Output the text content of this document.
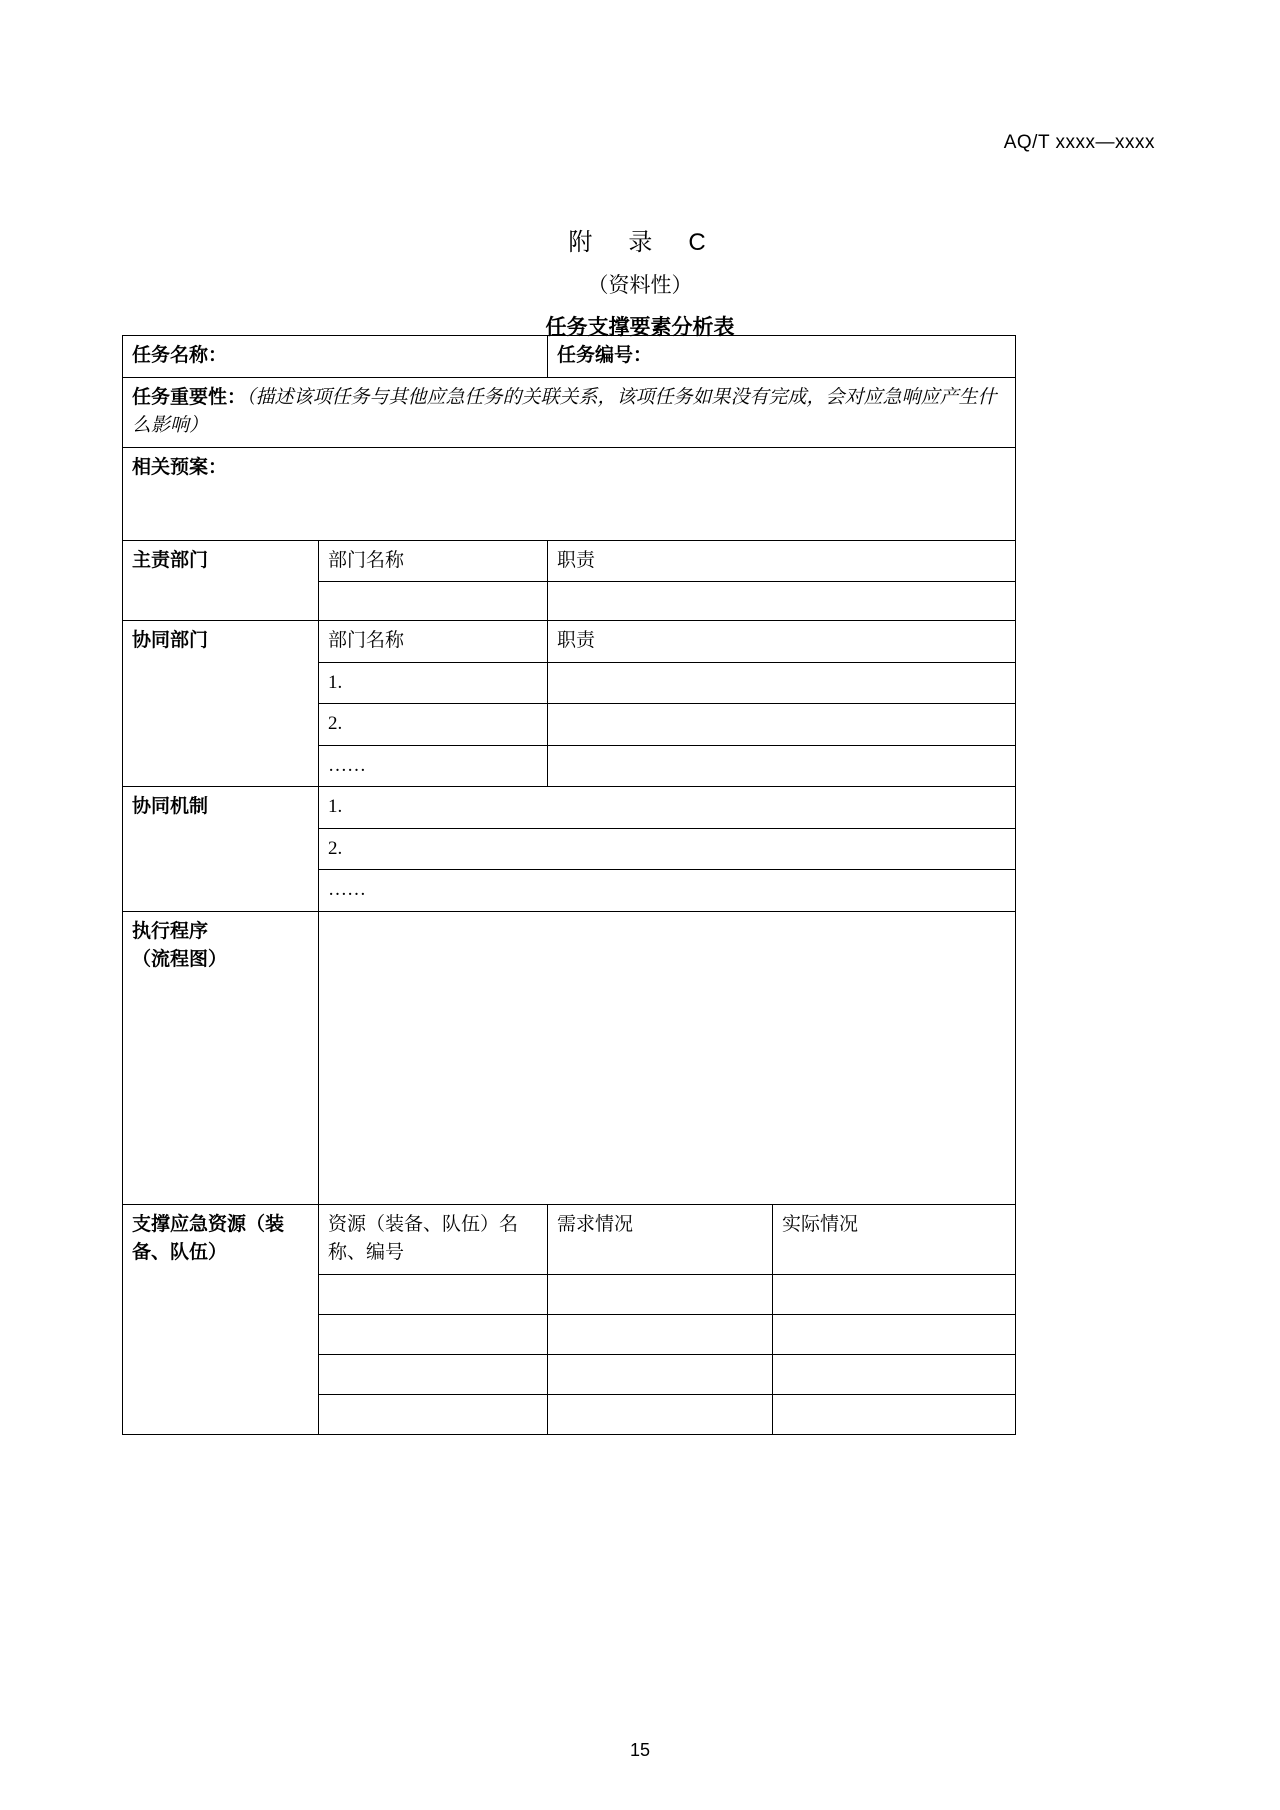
AQ/T xxxx—xxxx
附　录　C
（资料性）
任务支撑要素分析表
任务名称：		任务编号：	
任务重要性：（描述该项任务与其他应急任务的关联关系，该项任务如果没有完成，会对应急响应产生什么影响）			
相关预案：			
主责部门	部门名称	职责	

协同部门	部门名称	职责	
	1.		
	2.		
	……		
协同机制	1.		
	2.		
	……		

执行程序
（流程图）			

支撑应急资源（装
备、队伍）	资源（装备、队伍）名称、编号	需求情况	实际情况

15
